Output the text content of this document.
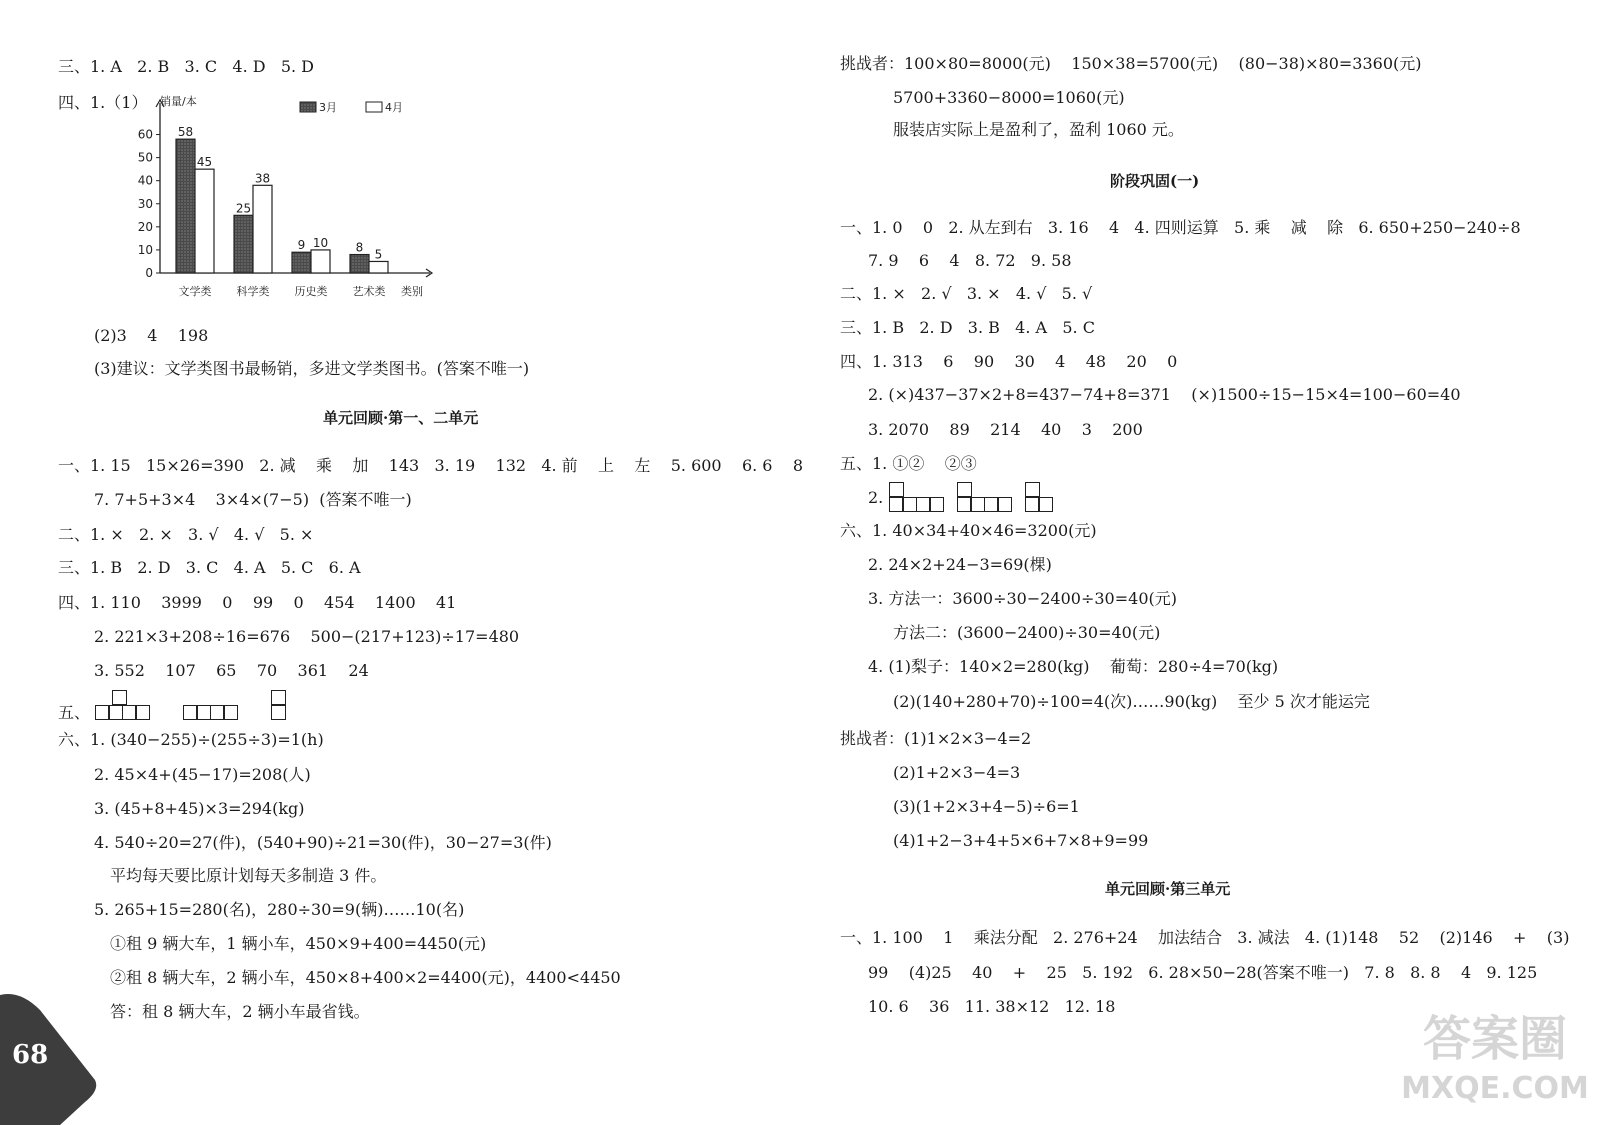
三、1. A   2. B   3. C   4. D   5. D
四、1.（1） 销量/本
0
10
20
30
40
50
60 58
45
文学类
25
38
科学类
9 10
历史类
8 5
艺术类 类别
3月	4月
(2)3    4    198
(3)建议：文学类图书最畅销，多进文学类图书。(答案不唯一)
单元回顾·第一、二单元
一、1. 15   15×26=390   2. 减    乘    加    143   3. 19    132   4. 前    上    左    5. 600    6. 6    8
7. 7+5+3×4    3×4×(7−5)  (答案不唯一)
二、1. ×   2. ×   3. √   4. √   5. ×
三、1. B   2. D   3. C   4. A   5. C   6. A
四、1. 110    3999    0    99    0    454    1400    41
2. 221×3+208÷16=676    500−(217+123)÷17=480
3. 552    107    65    70    361    24
五、
六、1. (340−255)÷(255÷3)=1(h)
2. 45×4+(45−17)=208(人)
3. (45+8+45)×3=294(kg)
4. 540÷20=27(件)，(540+90)÷21=30(件)，30−27=3(件)
平均每天要比原计划每天多制造 3 件。
5. 265+15=280(名)，280÷30=9(辆)……10(名)
①租 9 辆大车，1 辆小车，450×9+400=4450(元)
②租 8 辆大车，2 辆小车，450×8+400×2=4400(元)，4400<4450
答：租 8 辆大车，2 辆小车最省钱。
68
挑战者：100×80=8000(元)    150×38=5700(元)    (80−38)×80=3360(元)
5700+3360−8000=1060(元)
服装店实际上是盈利了，盈利 1060 元。
阶段巩固(一)
一、1. 0    0   2. 从左到右   3. 16    4   4. 四则运算   5. 乘    减    除   6. 650+250−240÷8
7. 9    6    4   8. 72   9. 58
二、1. ×   2. √   3. ×   4. √   5. √
三、1. B   2. D   3. B   4. A   5. C
四、1. 313    6    90    30    4    48    20    0
2. (×)437−37×2+8=437−74+8=371    (×)1500÷15−15×4=100−60=40
3. 2070    89    214    40    3    200
五、1. ①②    ②③
2.
六、1. 40×34+40×46=3200(元)
2. 24×2+24−3=69(棵)
3. 方法一：3600÷30−2400÷30=40(元)
方法二：(3600−2400)÷30=40(元)
4. (1)梨子：140×2=280(kg)    葡萄：280÷4=70(kg)
(2)(140+280+70)÷100=4(次)……90(kg)    至少 5 次才能运完
挑战者：(1)1×2×3−4=2
(2)1+2×3−4=3
(3)(1+2×3+4−5)÷6=1
(4)1+2−3+4+5×6+7×8+9=99
单元回顾·第三单元
一、1. 100    1    乘法分配   2. 276+24    加法结合   3. 减法   4. (1)148    52    (2)146    +    (3)
99    (4)25    40    +    25   5. 192   6. 28×50−28(答案不唯一)   7. 8   8. 8    4   9. 125
10. 6    36   11. 38×12   12. 18
答案圈
MXQE.COM
